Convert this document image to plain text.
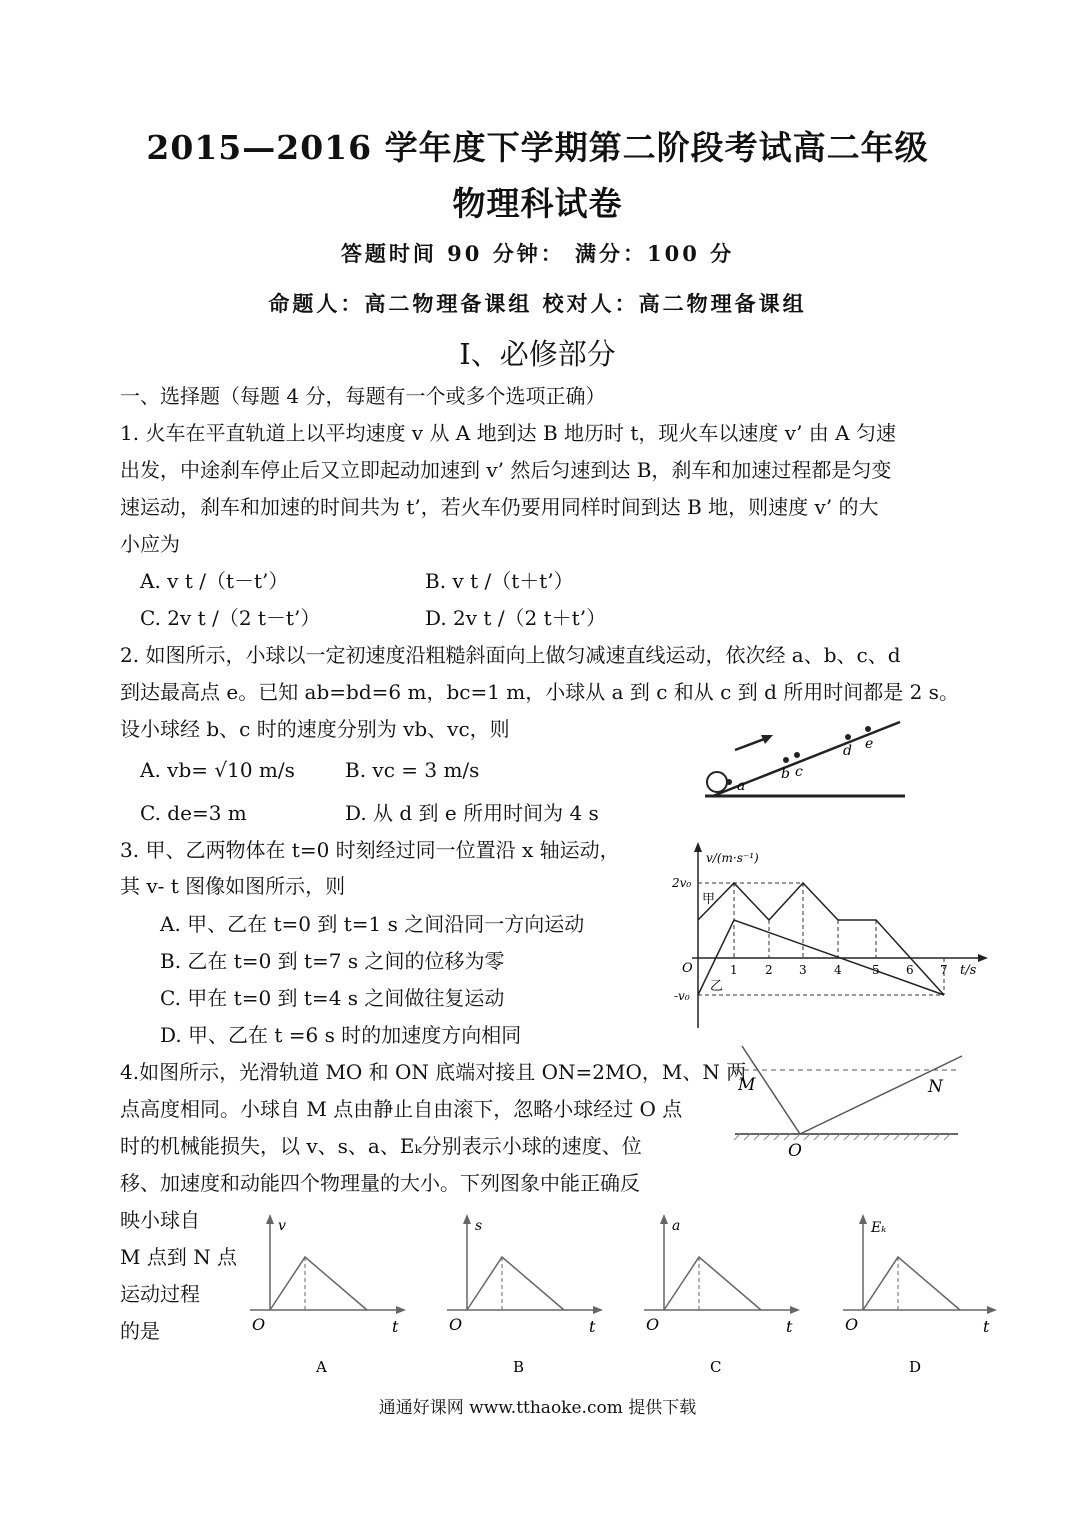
2015—2016 学年度下学期第二阶段考试高二年级
物理科试卷
答题时间 90 分钟： 满分：100 分
命题人：高二物理备课组 校对人：高二物理备课组
I、必修部分
一、选择题（每题 4 分，每题有一个或多个选项正确）
1. 火车在平直轨道上以平均速度 v 从 A 地到达 B 地历时 t，现火车以速度 v’ 由 A 匀速
出发，中途刹车停止后又立即起动加速到 v’ 然后匀速到达 B，刹车和加速过程都是匀变
速运动，刹车和加速的时间共为 t’，若火车仍要用同样时间到达 B 地，则速度 v’ 的大
小应为
A. v t /（t－t’）	B. v t /（t＋t’）
C. 2v t /（2 t－t’）	D. 2v t /（2 t＋t’）
2. 如图所示，小球以一定初速度沿粗糙斜面向上做匀减速直线运动，依次经 a、b、c、d
到达最高点 e。已知 ab=bd=6 m，bc=1 m，小球从 a 到 c 和从 c 到 d 所用时间都是 2 s。
设小球经 b、c 时的速度分别为 vb、vc，则
A. vb= √10 m/s	B. vc = 3 m/s
C. de=3 m	D. 从 d 到 e 所用时间为 4 s
a
b c
d e
3. 甲、乙两物体在 t=0 时刻经过同一位置沿 x 轴运动，
其 v- t 图像如图所示，则
A. 甲、乙在 t=0 到 t=1 s 之间沿同一方向运动
B. 乙在 t=0 到 t=7 s 之间的位移为零
C. 甲在 t=0 到 t=4 s 之间做往复运动
D. 甲、乙在 t =6 s 时的加速度方向相同
v/(m·s⁻¹)
t/s
O
2v₀
-v₀
甲
乙
1 2 3 4	5 6 7
4.如图所示，光滑轨道 MO 和 ON 底端对接且 ON=2MO，M、N 两
点高度相同。小球自 M 点由静止自由滚下，忽略小球经过 O 点
时的机械能损失，以 v、s、a、Eₖ分别表示小球的速度、位
移、加速度和动能四个物理量的大小。下列图象中能正确反
映小球自
M 点到 N 点
运动过程
的是
M	N
O
v
O	t
A
s
O	t
B
a
O	t
C
Eₖ
O	t
D
通通好课网 www.tthaoke.com 提供下载
